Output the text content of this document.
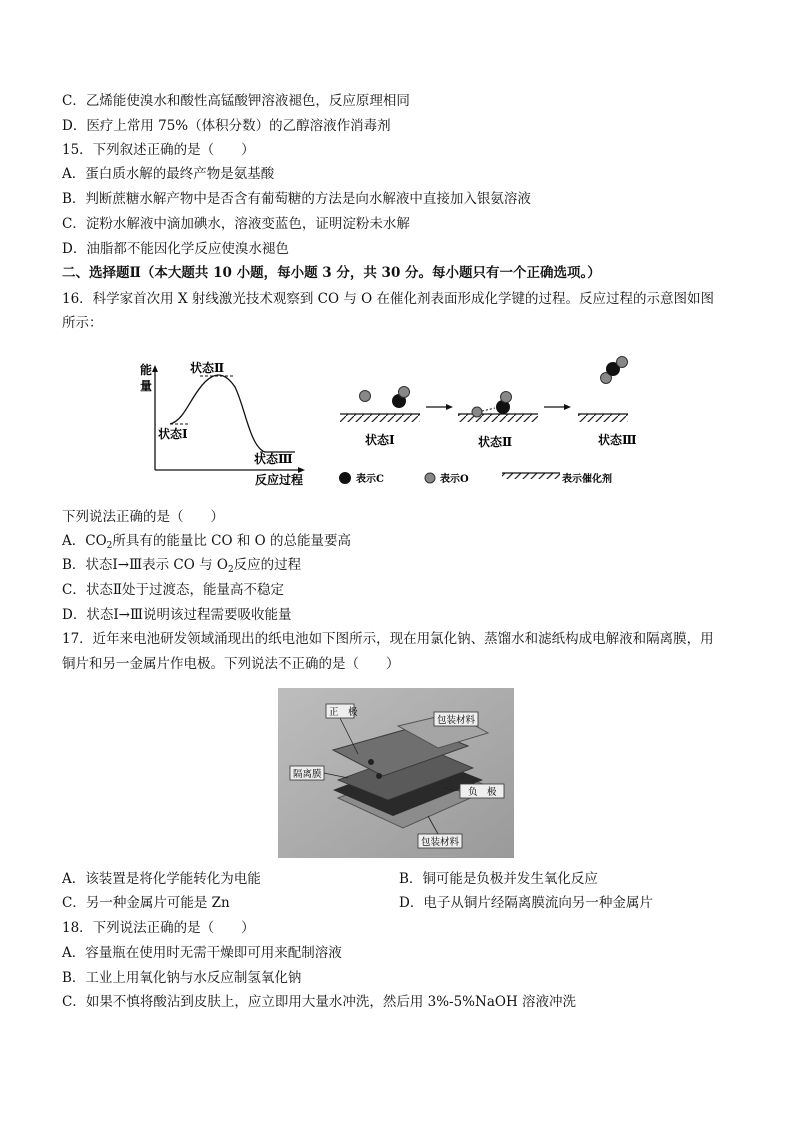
C．乙烯能使溴水和酸性高锰酸钾溶液褪色，反应原理相同
D．医疗上常用 75%（体积分数）的乙醇溶液作消毒剂
15．下列叙述正确的是（　　）
A．蛋白质水解的最终产物是氨基酸
B．判断蔗糖水解产物中是否含有葡萄糖的方法是向水解液中直接加入银氨溶液
C．淀粉水解液中滴加碘水，溶液变蓝色，证明淀粉未水解
D．油脂都不能因化学反应使溴水褪色
二、选择题Ⅱ（本大题共 10 小题，每小题 3 分，共 30 分。每小题只有一个正确选项。）
16．科学家首次用 X 射线激光技术观察到 CO 与 O 在催化剂表面形成化学键的过程。反应过程的示意图如图
所示：
能
量
反应过程
状态Ⅰ
状态Ⅱ
状态Ⅲ
状态Ⅰ	状态Ⅱ	状态Ⅲ
表示C	表示O	表示催化剂
下列说法正确的是（　　）
A．$CO_2$所具有的能量比 CO 和 O 的总能量要高
B．状态Ⅰ→Ⅲ表示 CO 与 $O_2$反应的过程
C．状态Ⅱ处于过渡态，能量高不稳定
D．状态Ⅰ→Ⅲ说明该过程需要吸收能量
17．近年来电池研发领域涌现出的纸电池如下图所示，现在用氯化钠、蒸馏水和滤纸构成电解液和隔离膜，用
铜片和另一金属片作电极。下列说法不正确的是（　　）
正　极
包装材料
隔离膜
负　极
包装材料
A．该装置是将化学能转化为电能	B．铜可能是负极并发生氧化反应
C．另一种金属片可能是 Zn	D．电子从铜片经隔离膜流向另一种金属片
18．下列说法正确的是（　　）
A．容量瓶在使用时无需干燥即可用来配制溶液
B．工业上用氧化钠与水反应制氢氧化钠
C．如果不慎将酸沾到皮肤上，应立即用大量水冲洗，然后用 3%-5%NaOH 溶液冲洗
